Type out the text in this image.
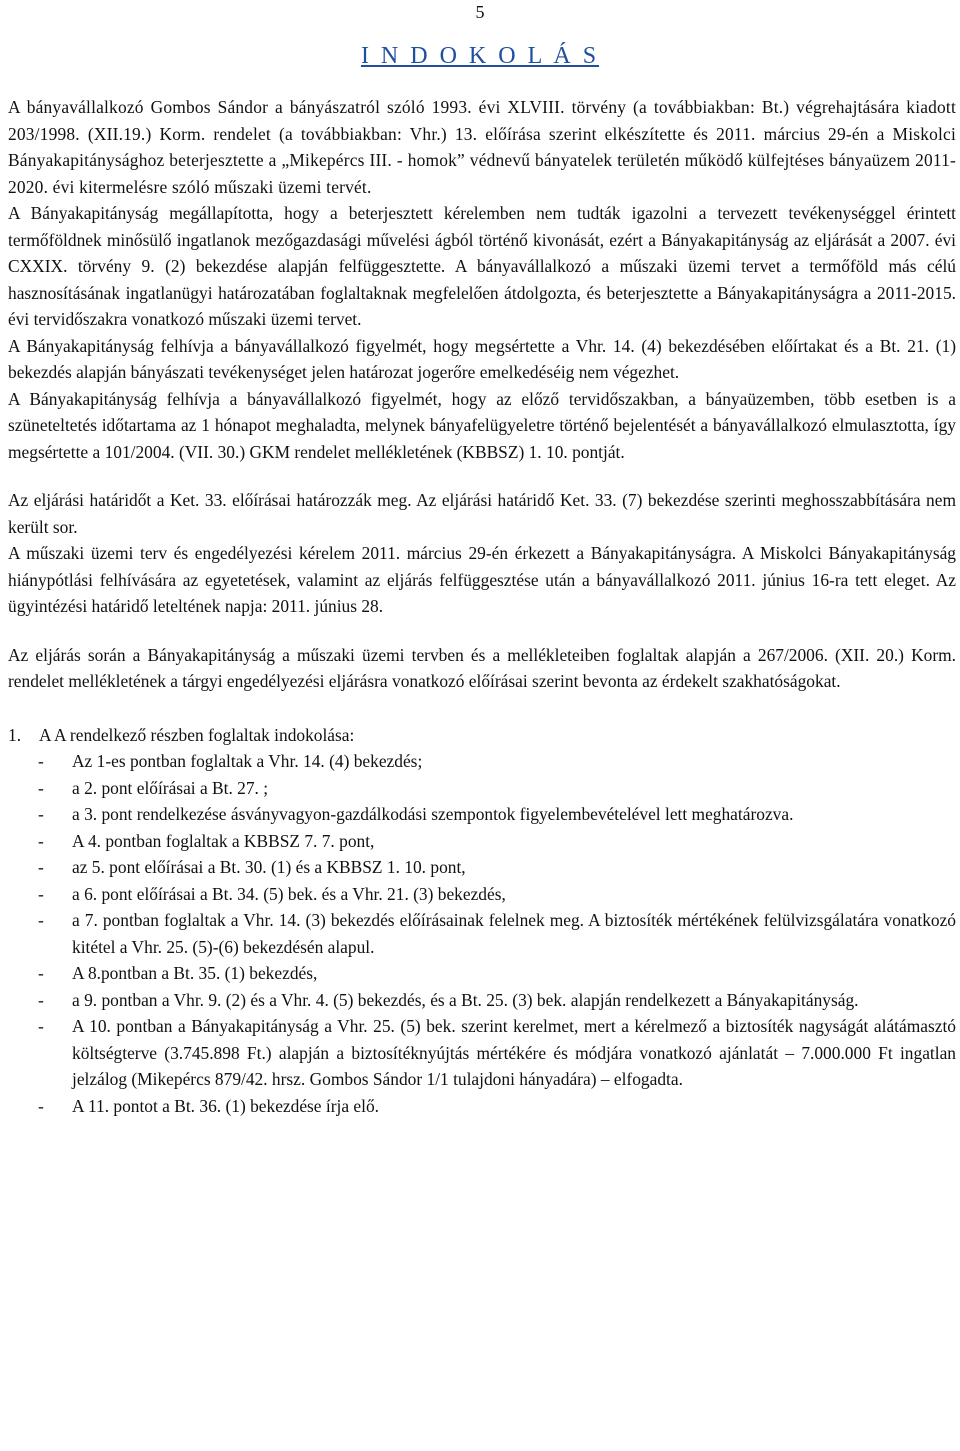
5
I N D O K O L Á S

A bányavállalkozó Gombos Sándor a bányászatról szóló 1993. évi XLVIII. törvény (a továbbiakban: Bt.) végrehajtására kiadott 203/1998. (XII.19.) Korm. rendelet (a továbbiakban: Vhr.) 13. előírása szerint elkészítette és 2011. március 29-én a Miskolci Bányakapitánysághoz beterjesztette a „Mikepércs III. - homok” védnevű bányatelek területén működő külfejtéses bányaüzem 2011-2020. évi kitermelésre szóló műszaki üzemi tervét.

A Bányakapitányság megállapította, hogy a beterjesztett kérelemben nem tudták igazolni a tervezett tevékenységgel érintett termőföldnek minősülő ingatlanok mezőgazdasági művelési ágból történő kivonását, ezért a Bányakapitányság az eljárását a 2007. évi CXXIX. törvény 9. (2) bekezdése alapján felfüggesztette. A bányavállalkozó a műszaki üzemi tervet a termőföld más célú hasznosításának ingatlanügyi határozatában foglaltaknak megfelelően átdolgozta, és beterjesztette a Bányakapitányságra a 2011-2015. évi tervidőszakra vonatkozó műszaki üzemi tervet.

A Bányakapitányság felhívja a bányavállalkozó figyelmét, hogy megsértette a Vhr. 14. (4) bekezdésében előírtakat és a Bt. 21. (1) bekezdés alapján bányászati tevékenységet jelen határozat jogerőre emelkedéséig nem végezhet.

A Bányakapitányság felhívja a bányavállalkozó figyelmét, hogy az előző tervidőszakban, a bányaüzemben, több esetben is a szüneteltetés időtartama az 1 hónapot meghaladta, melynek bányafelügyeletre történő bejelentését a bányavállalkozó elmulasztotta, így megsértette a 101/2004. (VII. 30.) GKM rendelet mellékletének (KBBSZ) 1. 10. pontját.

Az eljárási határidőt a Ket. 33. előírásai határozzák meg. Az eljárási határidő Ket. 33. (7) bekezdése szerinti meghosszabbítására nem került sor.

A műszaki üzemi terv és engedélyezési kérelem 2011. március 29-én érkezett a Bányakapitányságra. A Miskolci Bányakapitányság hiánypótlási felhívására az egyetetések, valamint az eljárás felfüggesztése után a bányavállalkozó 2011. június 16-ra tett eleget. Az ügyintézési határidő leteltének napja: 2011. június 28.

Az eljárás során a Bányakapitányság a műszaki üzemi tervben és a mellékleteiben foglaltak alapján a 267/2006. (XII. 20.) Korm. rendelet mellékletének a tárgyi engedélyezési eljárásra vonatkozó előírásai szerint bevonta az érdekelt szakhatóságokat.

1. A A rendelkező részben foglaltak indokolása:
- Az 1-es pontban foglaltak a Vhr. 14. (4) bekezdés;
- a 2. pont előírásai a Bt. 27. ;
- a 3. pont rendelkezése ásványvagyon-gazdálkodási szempontok figyelembevételével lett meghatározva.
- A 4. pontban foglaltak a KBBSZ 7. 7. pont,
- az 5. pont előírásai a Bt. 30. (1) és a KBBSZ 1. 10. pont,
- a 6. pont előírásai a Bt. 34. (5) bek. és a Vhr. 21. (3) bekezdés,
- a 7. pontban foglaltak a Vhr. 14. (3) bekezdés előírásainak felelnek meg. A biztosíték mértékének felülvizsgálatára vonatkozó kitétel a Vhr. 25. (5)-(6) bekezdésén alapul.
- A 8.pontban a Bt. 35. (1) bekezdés,
- a 9. pontban a Vhr. 9. (2) és a Vhr. 4. (5) bekezdés, és a Bt. 25. (3) bek. alapján rendelkezett a Bányakapitányság.
- A 10. pontban a Bányakapitányság a Vhr. 25. (5) bek. szerint kerelmet, mert a kérelmező a biztosíték nagyságát alátámasztó költségterve (3.745.898 Ft.) alapján a biztosítéknyújtás mértékére és módjára vonatkozó ajánlatát – 7.000.000 Ft ingatlan jelzálog (Mikepércs 879/42. hrsz. Gombos Sándor 1/1 tulajdoni hányadára) – elfogadta.
- A 11. pontot a Bt. 36. (1) bekezdése írja elő.
